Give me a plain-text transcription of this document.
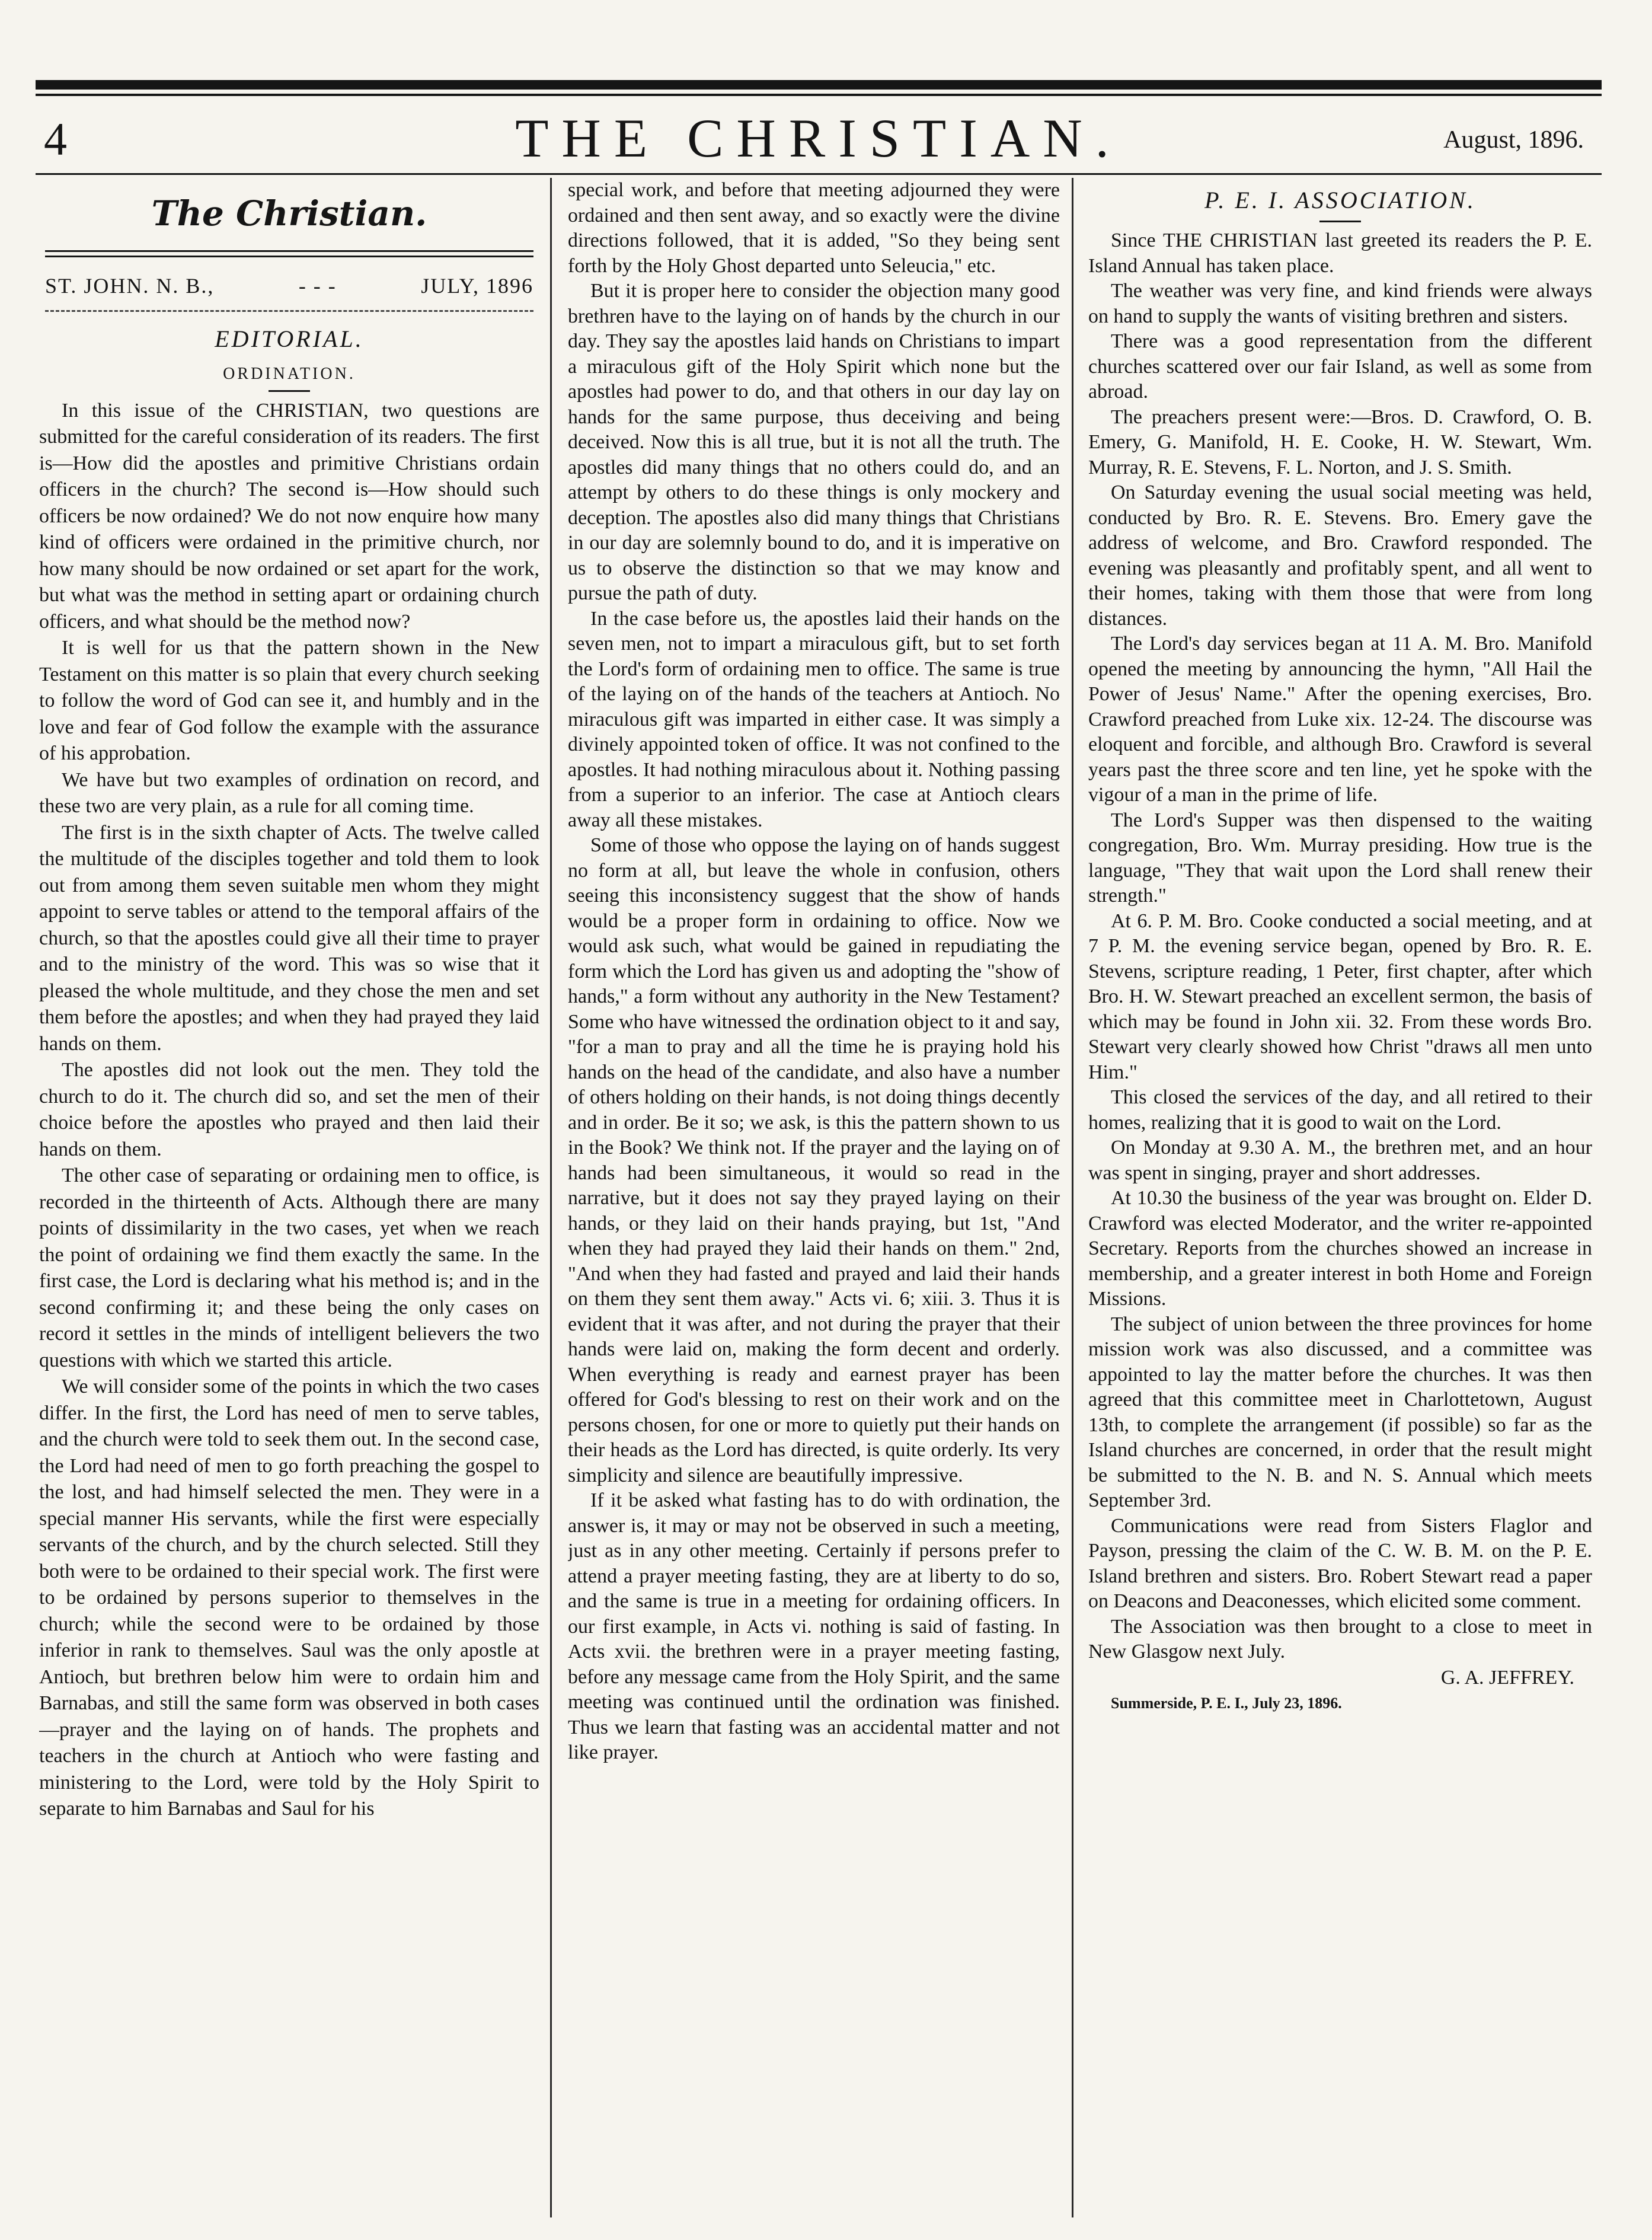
4	THE CHRISTIAN.	August, 1896.
The Christian.
ST. JOHN. N. B.,	- - -	JULY, 1896
EDITORIAL.
ORDINATION.

In this issue of the CHRISTIAN, two questions are submitted for the careful consideration of its readers. The first is—How did the apostles and primitive Christians ordain officers in the church? The second is—How should such officers be now ordained? We do not now enquire how many kind of officers were ordained in the primitive church, nor how many should be now ordained or set apart for the work, but what was the method in setting apart or ordaining church officers, and what should be the method now?

It is well for us that the pattern shown in the New Testament on this matter is so plain that every church seeking to follow the word of God can see it, and humbly and in the love and fear of God follow the example with the assurance of his approbation.

We have but two examples of ordination on record, and these two are very plain, as a rule for all coming time.

The first is in the sixth chapter of Acts. The twelve called the multitude of the disciples together and told them to look out from among them seven suitable men whom they might appoint to serve tables or attend to the temporal affairs of the church, so that the apostles could give all their time to prayer and to the ministry of the word. This was so wise that it pleased the whole multitude, and they chose the men and set them before the apostles; and when they had prayed they laid hands on them.

The apostles did not look out the men. They told the church to do it. The church did so, and set the men of their choice before the apostles who prayed and then laid their hands on them.

The other case of separating or ordaining men to office, is recorded in the thirteenth of Acts. Although there are many points of dissimilarity in the two cases, yet when we reach the point of ordaining we find them exactly the same. In the first case, the Lord is declaring what his method is; and in the second confirming it; and these being the only cases on record it settles in the minds of intelligent believers the two questions with which we started this article.

We will consider some of the points in which the two cases differ. In the first, the Lord has need of men to serve tables, and the church were told to seek them out. In the second case, the Lord had need of men to go forth preaching the gospel to the lost, and had himself selected the men. They were in a special manner His servants, while the first were especially servants of the church, and by the church selected. Still they both were to be ordained to their special work. The first were to be ordained by persons superior to themselves in the church; while the second were to be ordained by those inferior in rank to themselves. Saul was the only apostle at Antioch, but brethren below him were to ordain him and Barnabas, and still the same form was observed in both cases—prayer and the laying on of hands. The prophets and teachers in the church at Antioch who were fasting and ministering to the Lord, were told by the Holy Spirit to separate to him Barnabas and Saul for his

special work, and before that meeting adjourned they were ordained and then sent away, and so exactly were the divine directions followed, that it is added, "So they being sent forth by the Holy Ghost departed unto Seleucia," etc.

But it is proper here to consider the objection many good brethren have to the laying on of hands by the church in our day. They say the apostles laid hands on Christians to impart a miraculous gift of the Holy Spirit which none but the apostles had power to do, and that others in our day lay on hands for the same purpose, thus deceiving and being deceived. Now this is all true, but it is not all the truth. The apostles did many things that no others could do, and an attempt by others to do these things is only mockery and deception. The apostles also did many things that Christians in our day are solemnly bound to do, and it is imperative on us to observe the distinction so that we may know and pursue the path of duty.

In the case before us, the apostles laid their hands on the seven men, not to impart a miraculous gift, but to set forth the Lord's form of ordaining men to office. The same is true of the laying on of the hands of the teachers at Antioch. No miraculous gift was imparted in either case. It was simply a divinely appointed token of office. It was not confined to the apostles. It had nothing miraculous about it. Nothing passing from a superior to an inferior. The case at Antioch clears away all these mistakes.

Some of those who oppose the laying on of hands suggest no form at all, but leave the whole in confusion, others seeing this inconsistency suggest that the show of hands would be a proper form in ordaining to office. Now we would ask such, what would be gained in repudiating the form which the Lord has given us and adopting the "show of hands," a form without any authority in the New Testament? Some who have witnessed the ordination object to it and say, "for a man to pray and all the time he is praying hold his hands on the head of the candidate, and also have a number of others holding on their hands, is not doing things decently and in order. Be it so; we ask, is this the pattern shown to us in the Book? We think not. If the prayer and the laying on of hands had been simultaneous, it would so read in the narrative, but it does not say they prayed laying on their hands, or they laid on their hands praying, but 1st, "And when they had prayed they laid their hands on them." 2nd, "And when they had fasted and prayed and laid their hands on them they sent them away." Acts vi. 6; xiii. 3. Thus it is evident that it was after, and not during the prayer that their hands were laid on, making the form decent and orderly. When everything is ready and earnest prayer has been offered for God's blessing to rest on their work and on the persons chosen, for one or more to quietly put their hands on their heads as the Lord has directed, is quite orderly. Its very simplicity and silence are beautifully impressive.

If it be asked what fasting has to do with ordination, the answer is, it may or may not be observed in such a meeting, just as in any other meeting. Certainly if persons prefer to attend a prayer meeting fasting, they are at liberty to do so, and the same is true in a meeting for ordaining officers. In our first example, in Acts vi. nothing is said of fasting. In Acts xvii. the brethren were in a prayer meeting fasting, before any message came from the Holy Spirit, and the same meeting was continued until the ordination was finished. Thus we learn that fasting was an accidental matter and not like prayer.

P. E. I. ASSOCIATION.

Since THE CHRISTIAN last greeted its readers the P. E. Island Annual has taken place.

The weather was very fine, and kind friends were always on hand to supply the wants of visiting brethren and sisters.

There was a good representation from the different churches scattered over our fair Island, as well as some from abroad.

The preachers present were:—Bros. D. Crawford, O. B. Emery, G. Manifold, H. E. Cooke, H. W. Stewart, Wm. Murray, R. E. Stevens, F. L. Norton, and J. S. Smith.

On Saturday evening the usual social meeting was held, conducted by Bro. R. E. Stevens. Bro. Emery gave the address of welcome, and Bro. Crawford responded. The evening was pleasantly and profitably spent, and all went to their homes, taking with them those that were from long distances.

The Lord's day services began at 11 A. M. Bro. Manifold opened the meeting by announcing the hymn, "All Hail the Power of Jesus' Name." After the opening exercises, Bro. Crawford preached from Luke xix. 12-24. The discourse was eloquent and forcible, and although Bro. Crawford is several years past the three score and ten line, yet he spoke with the vigour of a man in the prime of life.

The Lord's Supper was then dispensed to the waiting congregation, Bro. Wm. Murray presiding. How true is the language, "They that wait upon the Lord shall renew their strength."

At 6. P. M. Bro. Cooke conducted a social meeting, and at 7 P. M. the evening service began, opened by Bro. R. E. Stevens, scripture reading, 1 Peter, first chapter, after which Bro. H. W. Stewart preached an excellent sermon, the basis of which may be found in John xii. 32. From these words Bro. Stewart very clearly showed how Christ "draws all men unto Him."

This closed the services of the day, and all retired to their homes, realizing that it is good to wait on the Lord.

On Monday at 9.30 A. M., the brethren met, and an hour was spent in singing, prayer and short addresses.

At 10.30 the business of the year was brought on. Elder D. Crawford was elected Moderator, and the writer re-appointed Secretary. Reports from the churches showed an increase in membership, and a greater interest in both Home and Foreign Missions.

The subject of union between the three provinces for home mission work was also discussed, and a committee was appointed to lay the matter before the churches. It was then agreed that this committee meet in Charlottetown, August 13th, to complete the arrangement (if possible) so far as the Island churches are concerned, in order that the result might be submitted to the N. B. and N. S. Annual which meets September 3rd.

Communications were read from Sisters Flaglor and Payson, pressing the claim of the C. W. B. M. on the P. E. Island brethren and sisters. Bro. Robert Stewart read a paper on Deacons and Deaconesses, which elicited some comment.

The Association was then brought to a close to meet in New Glasgow next July.

G. A. JEFFREY.

Summerside, P. E. I., July 23, 1896.
